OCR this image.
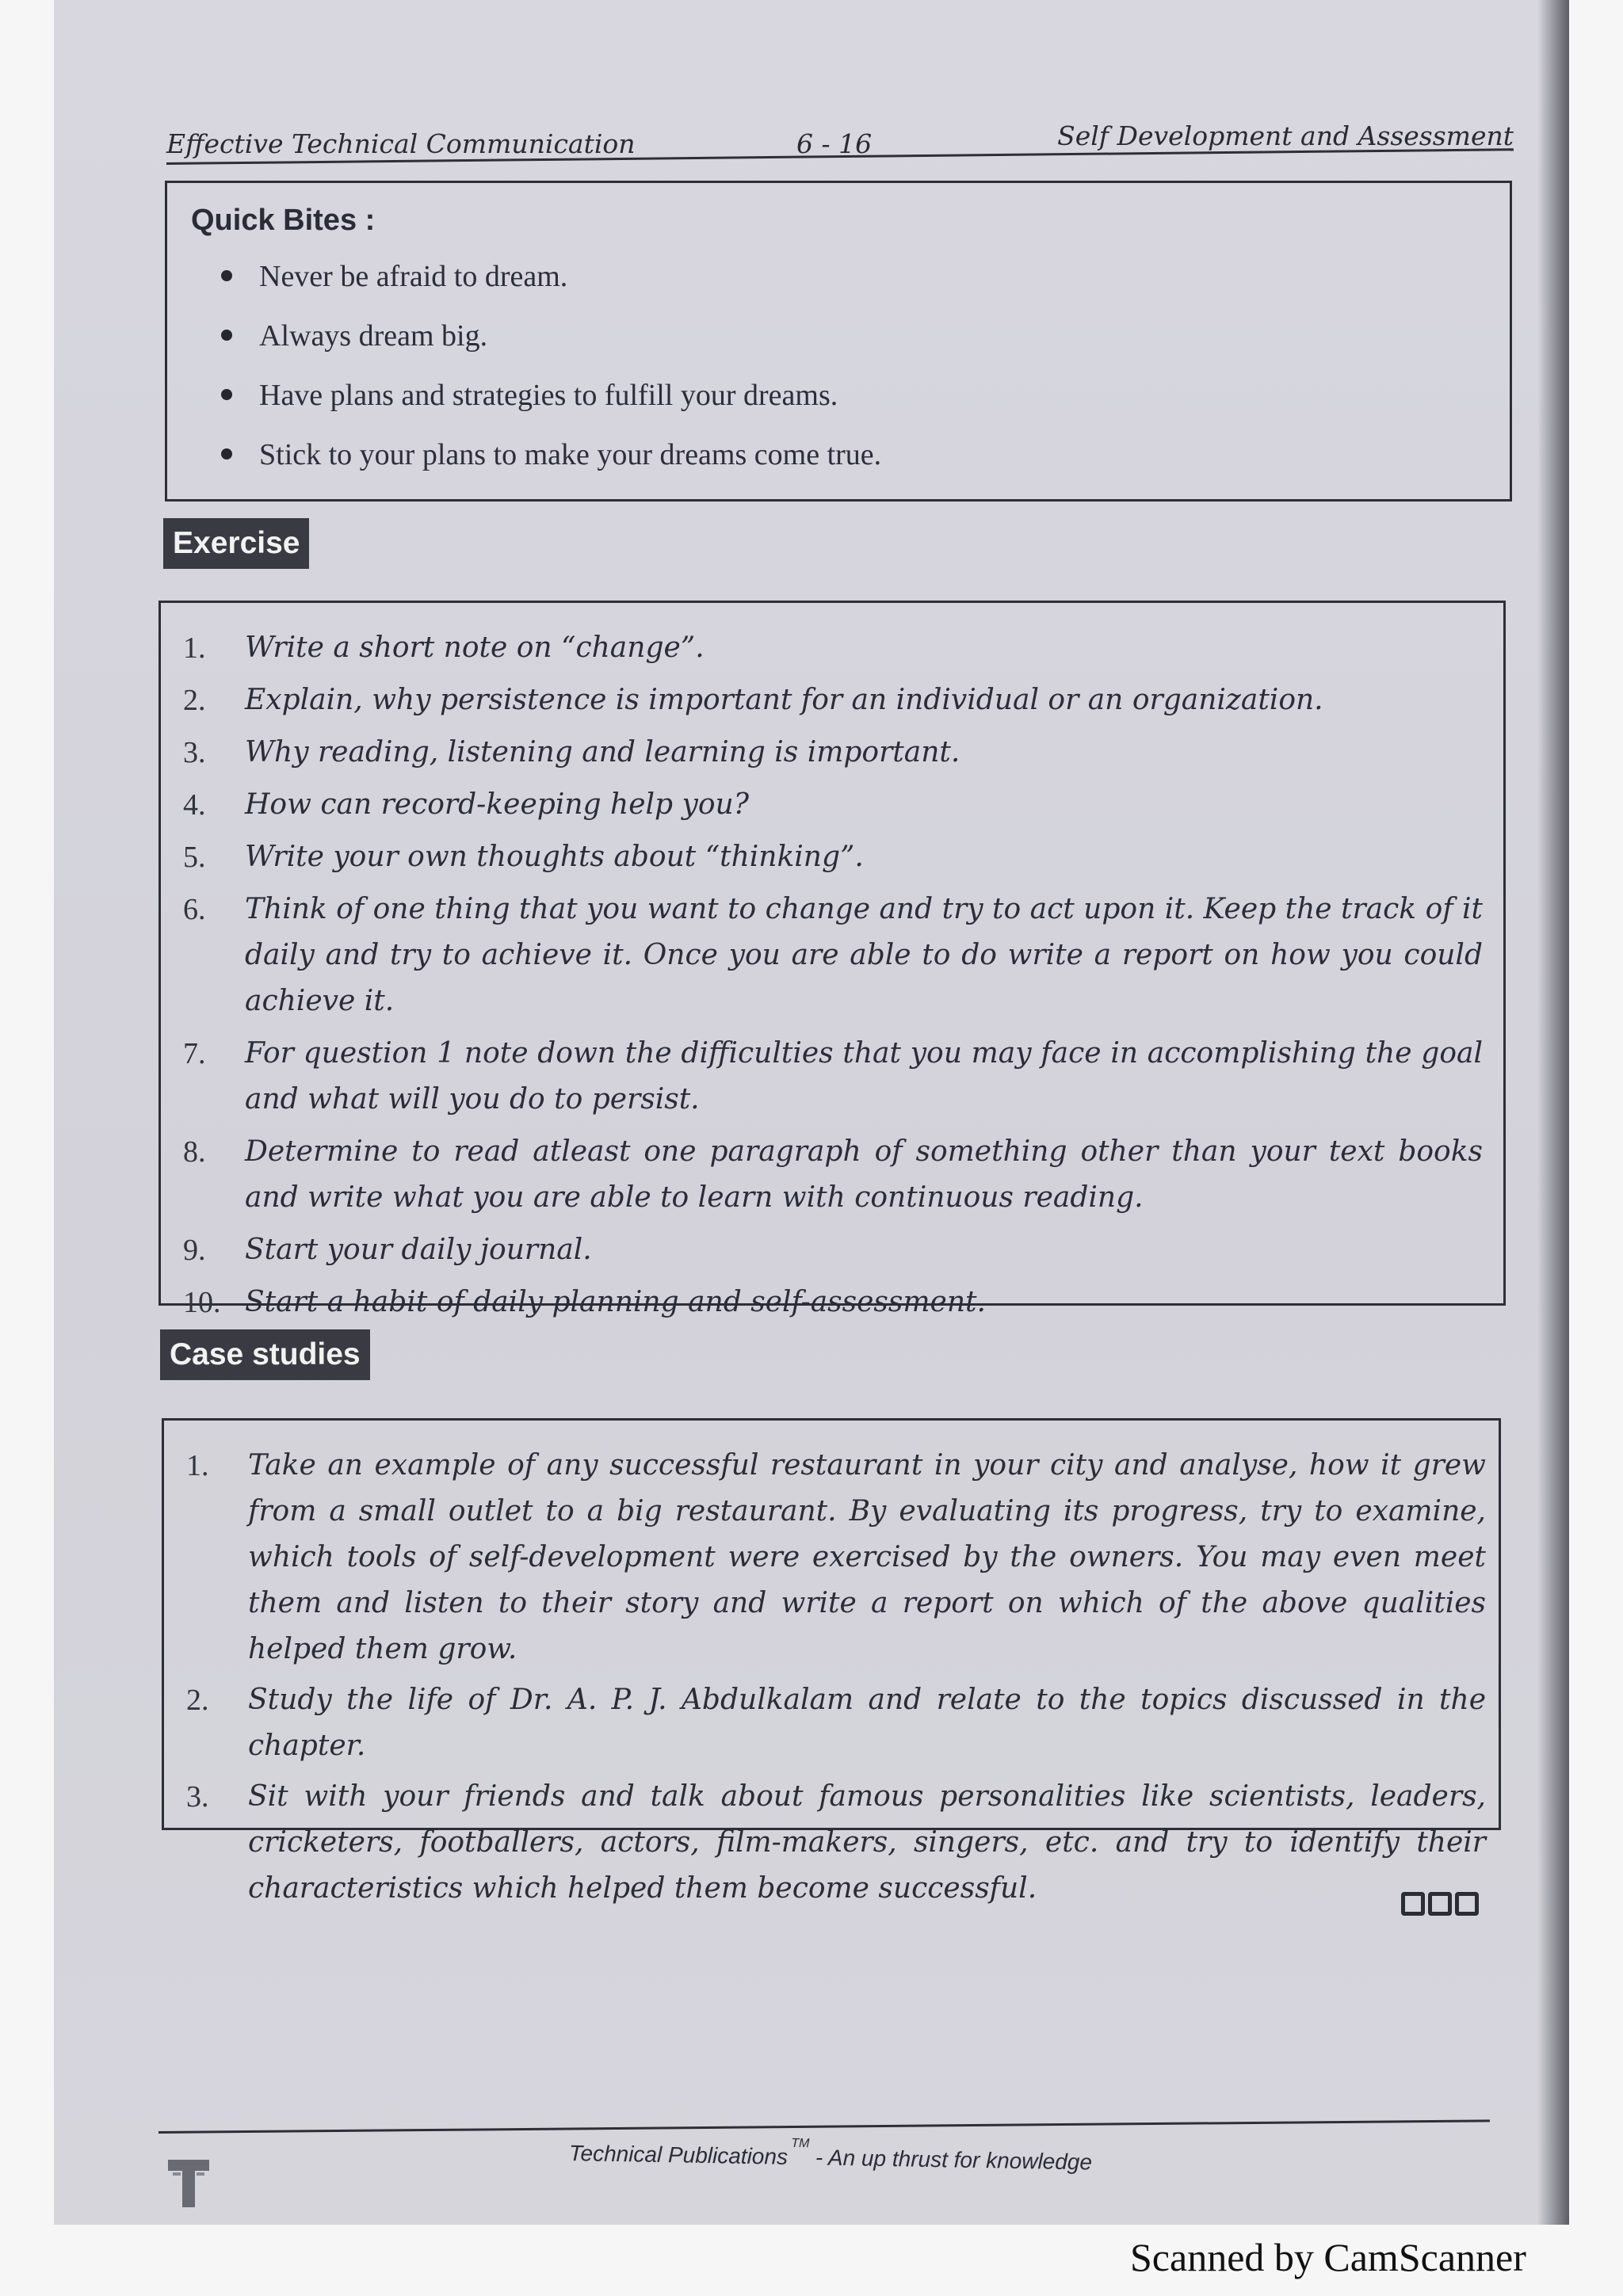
Effective Technical Communication	6 - 16	Self Development and Assessment
Quick Bites :
Never be afraid to dream.
Always dream big.
Have plans and strategies to fulfill your dreams.
Stick to your plans to make your dreams come true.
Exercise
1.	Write a short note on “change”.
2.	Explain, why persistence is important for an individual or an organization.
3.	Why reading, listening and learning is important.
4.	How can record-keeping help you?
5.	Write your own thoughts about “thinking”.
6.	Think of one thing that you want to change and try to act upon it. Keep the track of it daily and try to achieve it. Once you are able to do write a report on how you could achieve it.
7.	For question 1 note down the difficulties that you may face in accomplishing the goal and what will you do to persist.
8.	Determine to read atleast one paragraph of something other than your text books and write what you are able to learn with continuous reading.
9.	Start your daily journal.
10. Start a habit of daily planning and self-assessment.
Case studies
1.	Take an example of any successful restaurant in your city and analyse, how it grew from a small outlet to a big restaurant. By evaluating its progress, try to examine, which tools of self-development were exercised by the owners. You may even meet them and listen to their story and write a report on which of the above qualities helped them grow.
2.	Study the life of Dr. A. P. J. Abdulkalam and relate to the topics discussed in the chapter.
3.	Sit with your friends and talk about famous personalities like scientists, leaders, cricketers, footballers, actors, film-makers, singers, etc. and try to identify their characteristics which helped them become successful.
Technical Publications ™ - An up thrust for knowledge
Scanned by CamScanner
